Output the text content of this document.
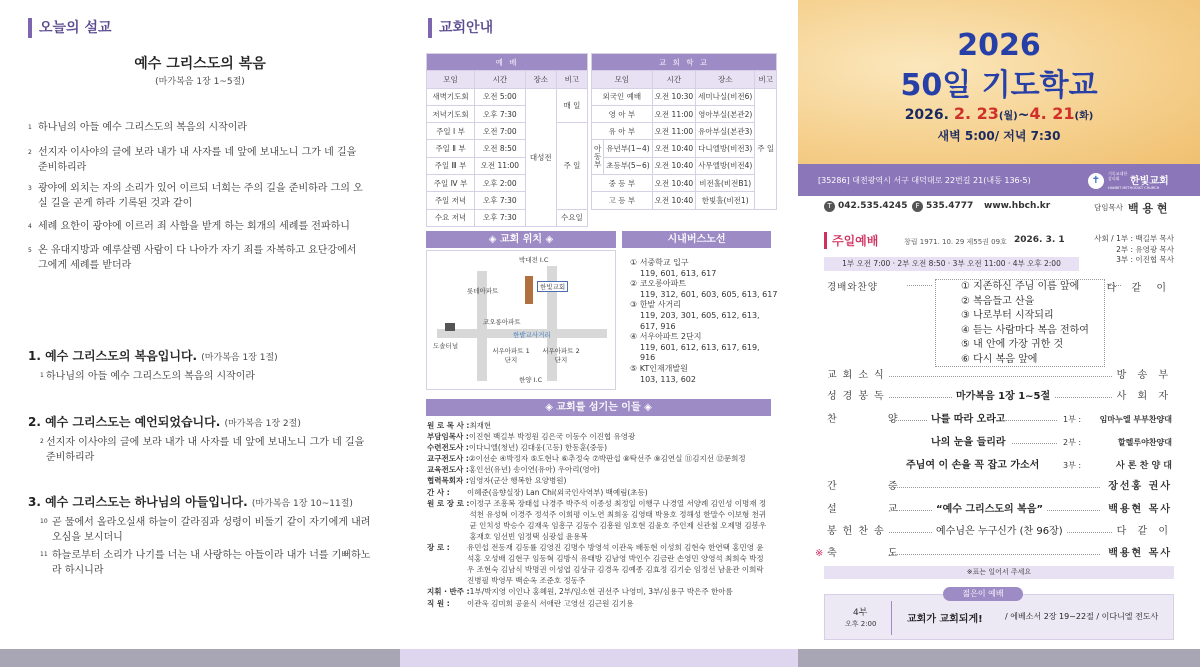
오늘의 설교
예수 그리스도의 복음
(마가복음 1장 1~5절)
1 하나님의 아들 예수 그리스도의 복음의 시작이라
2 선지자 이사야의 글에 보라 내가 내 사자를 네 앞에 보내노니 그가 네 길을 준비하리라
3 광야에 외치는 자의 소리가 있어 이르되 너희는 주의 길을 준비하라 그의 오실 길을 곧게 하라 기록된 것과 같이
4 세례 요한이 광야에 이르러 죄 사함을 받게 하는 회개의 세례를 전파하니
5 온 유대지방과 예루살렘 사람이 다 나아가 자기 죄를 자복하고 요단강에서 그에게 세례를 받더라
1. 예수 그리스도의 복음입니다. (마가복음 1장 1절)
1 하나님의 아들 예수 그리스도의 복음의 시작이라
2. 예수 그리스도는 예언되었습니다. (마가복음 1장 2절)
2 선지자 이사야의 글에 보라 내가 내 사자를 네 앞에 보내노니 그가 네 길을 준비하리라
3. 예수 그리스도는 하나님의 아들입니다. (마가복음 1장 10~11절)
10 곧 물에서 올라오실새 하늘이 갈라짐과 성령이 비둘기 같이 자기에게 내려오심을 보시더니
11 하늘로부터 소리가 나기를 너는 내 사랑하는 아들이라 내가 너를 기뻐하노라 하시니라
교회안내
예 배			
모임	시간	장소	비고
새벽기도회	오전 5:00	대성전	매 일
저녁기도회	오후 7:30		
주일 Ⅰ 부	오전 7:00		주 일
주일 Ⅱ 부	오전 8:50		
주일 Ⅲ 부	오전 11:00		
주일 Ⅳ 부	오후 2:00		
주일 저녁	오후 7:30		
수요 저녁	오후 7:30		수요일
교 회 학 교				
모임		시간	장소	비고
외국인 예배		오전 10:30	세미나실(비전6)	주 일
영 아 부		오전 11:00	영아부실(본관2)	
유 아 부		오전 11:00	유아부실(본관3)	
아동부	유년부(1~4)	오전 10:40	다니엘방(비전3)	
	초등부(5~6)	오전 10:40	사무엘방(비전4)	
중 등 부		오전 10:40	비전홀(비전B1)	
고 등 부		오전 10:40	한빛홀(비전1)	
◈ 교회 위치 ◈
박대전 I.C
롯데아파트	한빛교회
코오롱아파트
한밭교사거리
도솔터널
서우아파트 1단지
서우아파트 2단지
한양 I.C
시내버스노선
① 서중학교 입구
119, 601, 613, 617
② 코오롱아파트
119, 312, 601, 603, 605, 613, 617
③ 한밭 사거리
119, 203, 301, 605, 612, 613, 617, 916
④ 서우아파트 2단지
119, 601, 612, 613, 617, 619, 916
⑤ KT인재개발원
103, 113, 602
◈ 교회를 섬기는 이들 ◈
원 로 목 사 : 최재현
부담임목사 : 이진현 백길부 박정원 김은국 이동수 이진협 유영광
수련전도사 : 이다니엘(청년) 김대웅(고등) 한동훈(중등)
교구전도사 : ②이선순 ④박정자 ⑤도현나 ⑥추정숙 ⑦박판섭 ⑧탁선주 ⑨김연실 ⑪김지선 ⑫문희정
교육전도사 : 홍인선(유년) 송이연(유아) 우아리(영아)
협력목회자 : 임영자(군산 행복한 요양병원)
간 사 :	이혜준(음향실장) Lan Chi(외국인사역부) 백예림(초등)
원 로 장 로 : 이정구 조흥복 장태섭 나경주 박주석 이종성 최정일 이행구 나경열 서양례 김인성 이명재 정석천 유성혁 이경주 정석주 이희평 이노연 최희웅 김영태 박용호 정해성 한말수 이보형 천귀균 인치성 박승수 김재욱 임흥구 김동수 김흥원 임호현 김윤호 주인제 신관철 오제명 김봉우 홍재호 임선빈 임정택 심광섭 윤용복
장 로 :	유민섭 전동재 김동률 김영진 김명수 방영석 이관욱 배동현 이성희 김현숙 한연택 홍민영 윤석홍 오성배 김현구 임동혁 김방식 유태방 김남영 박인수 김금란 손영민 양영석 최희숙 박정우 조현숙 김남식 박명권 이성엽 김상규 김경옥 김예종 김효정 김기순 임정선 남윤관 이희락 진병필 박영무 백순옥 조준호 정동주
지휘 · 반주 : 1부/박지영 이인나 홍혜원, 2부/임소현 권선주 나영미, 3부/심용구 박은주 한아름
직 원 :	이관욱 김미희 공윤식 서애란 고영선 김근원 김기용
2026
50일 기도학교
2026. 2. 23(월)~4. 21(화)
새벽 5:00/ 저녁 7:30
[35286] 대전광역시 서구 대덕대로 22번길 21(내동 136-5)	✝
기독교대한감리회	한빛교회
HANBIT METHODIST CHURCH
T 042.535.4245	F 535.4777 www.hbch.kr	담임목사 백 용 현
주일예배	창립 1971. 10. 29 제55권 09호 2026. 3. 1	사회 / 1부 : 백길부 목사
2부 : 유영광 목사
3부 : 이진협 목사
1부 오전 7:00 · 2부 오전 8:50 · 3부 오전 11:00 · 4부 오후 2:00
경배와찬양	① 지존하신 주님 이름 앞에
② 복음들고 산을
③ 나로부터 시작되리
④ 듣는 사람마다 복음 전하여
⑤ 내 안에 가장 귀한 것
⑥ 다시 복음 앞에
다 같 이
교회소식	방 송 부
성경봉독	마가복음 1장 1~5절	사 회 자
찬 양 나를 따라 오라고	1부 : 임마누엘 부부찬양대
나의 눈을 들리라	2부 :	할렐루야찬양대
주님여 이 손을 꼭 잡고 가소서	3부 :	사 론 찬 양 대
간 증	장선홍 권사
설 교	“예수 그리스도의 복음”	백용현 목사
봉헌찬송	예수님은 누구신가 (찬 96장)	다 같 이
※ 축 도	백용현 목사
※표는 일어서 주세요
젊은이 예배
4부
오후 2:00	교회가 교회되게!	/ 에베소서 2장 19~22절 / 이다니엘 전도사
